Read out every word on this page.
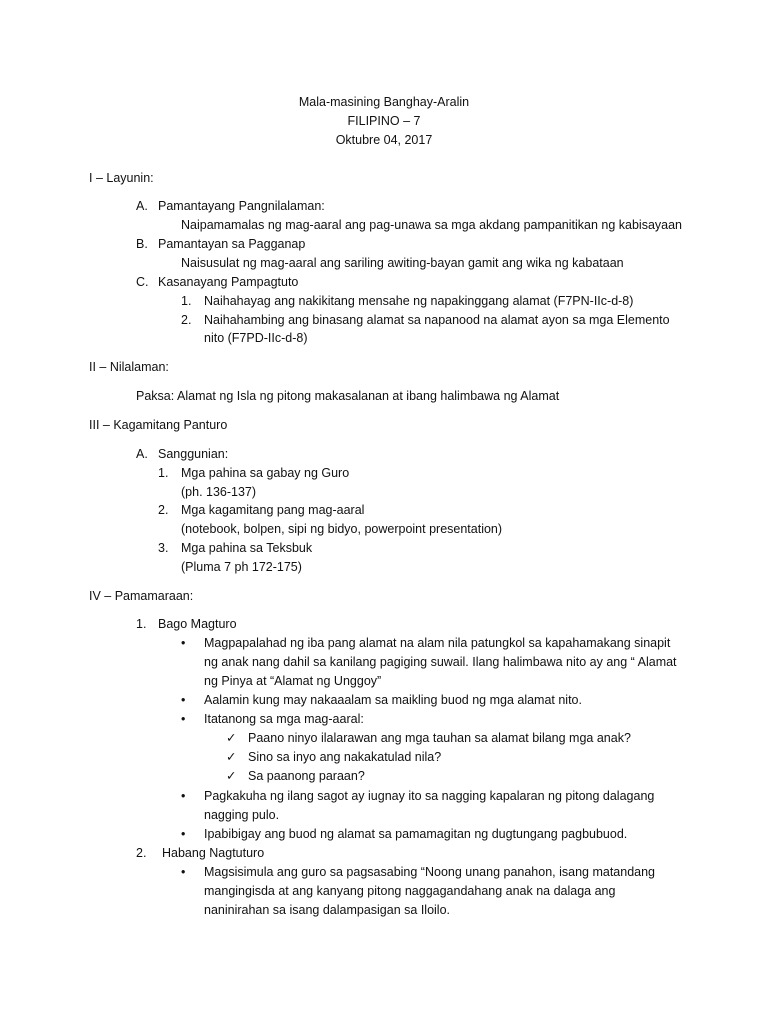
Mala-masining Banghay-Aralin
FILIPINO – 7
Oktubre 04, 2017
I – Layunin:
A. Pamantayang Pangnilalaman:
Naipamamalas ng mag-aaral ang pag-unawa sa mga akdang pampanitikan ng kabisayaan
B. Pamantayan sa Pagganap
Naisusulat ng mag-aaral ang sariling awiting-bayan gamit ang wika ng kabataan
C. Kasanayang Pampagtuto
1. Naihahayag ang nakikitang mensahe ng napakinggang alamat (F7PN-IIc-d-8)
2. Naihahambing ang binasang alamat sa napanood na alamat ayon sa mga Elemento
nito (F7PD-IIc-d-8)
II – Nilalaman:
Paksa: Alamat ng Isla ng pitong makasalanan at ibang halimbawa ng Alamat
III – Kagamitang Panturo
A. Sanggunian:
1. Mga pahina sa gabay ng Guro
(ph. 136-137)
2. Mga kagamitang pang mag-aaral
(notebook, bolpen, sipi ng bidyo, powerpoint presentation)
3. Mga pahina sa Teksbuk
(Pluma 7 ph 172-175)
IV – Pamamaraan:
1. Bago Magturo
• Magpapalahad ng iba pang alamat na alam nila patungkol sa kapahamakang sinapit
ng anak nang dahil sa kanilang pagiging suwail. Ilang halimbawa nito ay ang “ Alamat
ng Pinya at “Alamat ng Unggoy”
• Aalamin kung may nakaaalam sa maikling buod ng mga alamat nito.
• Itatanong sa mga mag-aaral:
✓ Paano ninyo ilalarawan ang mga tauhan sa alamat bilang mga anak?
✓ Sino sa inyo ang nakakatulad nila?
✓ Sa paanong paraan?
• Pagkakuha ng ilang sagot ay iugnay ito sa nagging kapalaran ng pitong dalagang
nagging pulo.
• Ipabibigay ang buod ng alamat sa pamamagitan ng dugtungang pagbubuod.
2. Habang Nagtuturo
• Magsisimula ang guro sa pagsasabing “Noong unang panahon, isang matandang
mangingisda at ang kanyang pitong naggagandahang anak na dalaga ang
naninirahan sa isang dalampasigan sa Iloilo.
